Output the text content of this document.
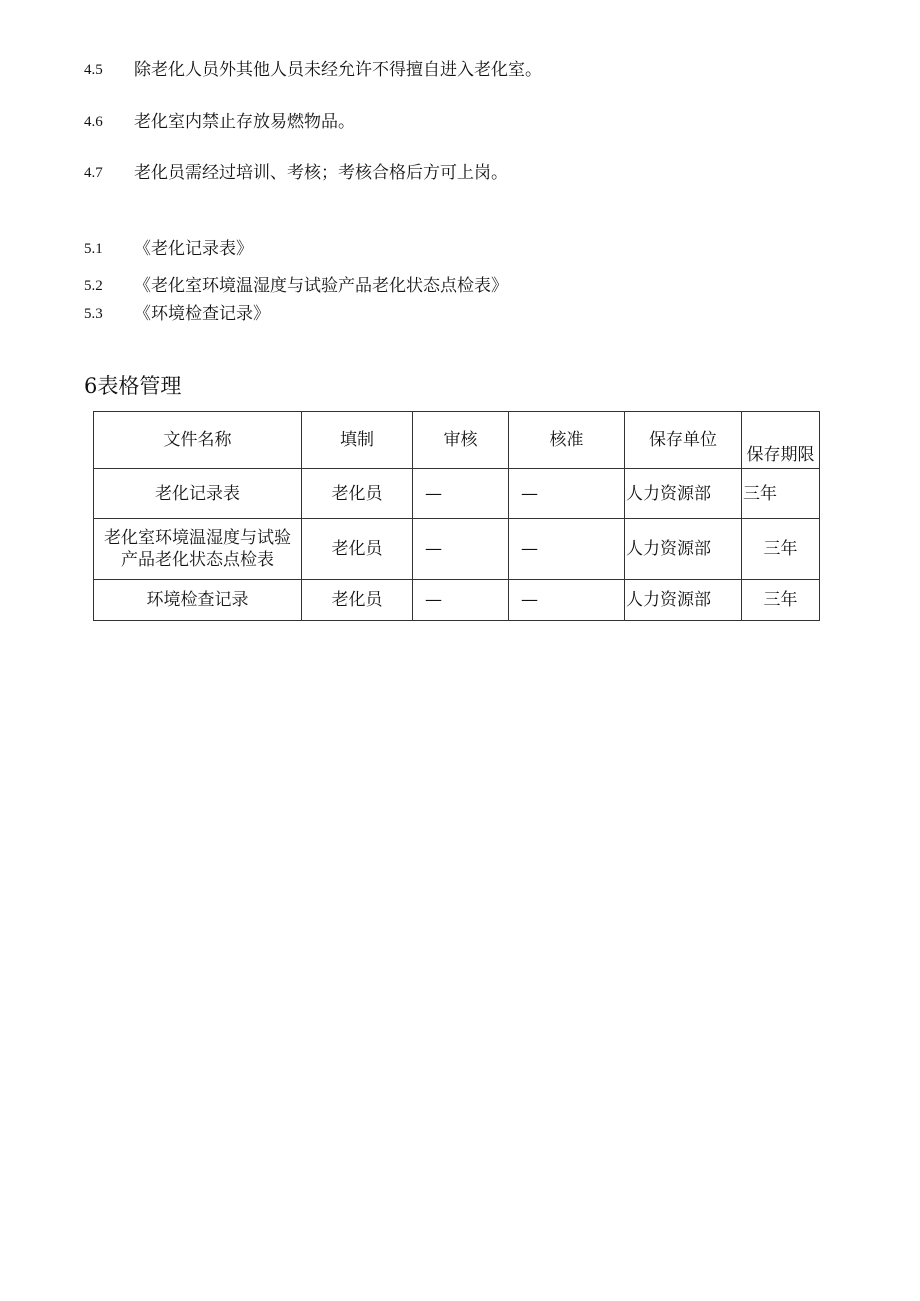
4.5 除老化人员外其他人员未经允许不得擅自进入老化室。
4.6 老化室内禁止存放易燃物品。
4.7 老化员需经过培训、考核；考核合格后方可上岗。
5.1 《老化记录表》
5.2 《老化室环境温湿度与试验产品老化状态点检表》
5.3 《环境检查记录》
6表格管理
文件名称	填制	审核	核准	保存单位	保存期限
老化记录表	老化员	—	—	人力资源部	三年

老化室环境温湿度与试验
产品老化状态点检表	老化员	—	—	人力资源部	三年
环境检查记录	老化员	—	—	人力资源部	三年
